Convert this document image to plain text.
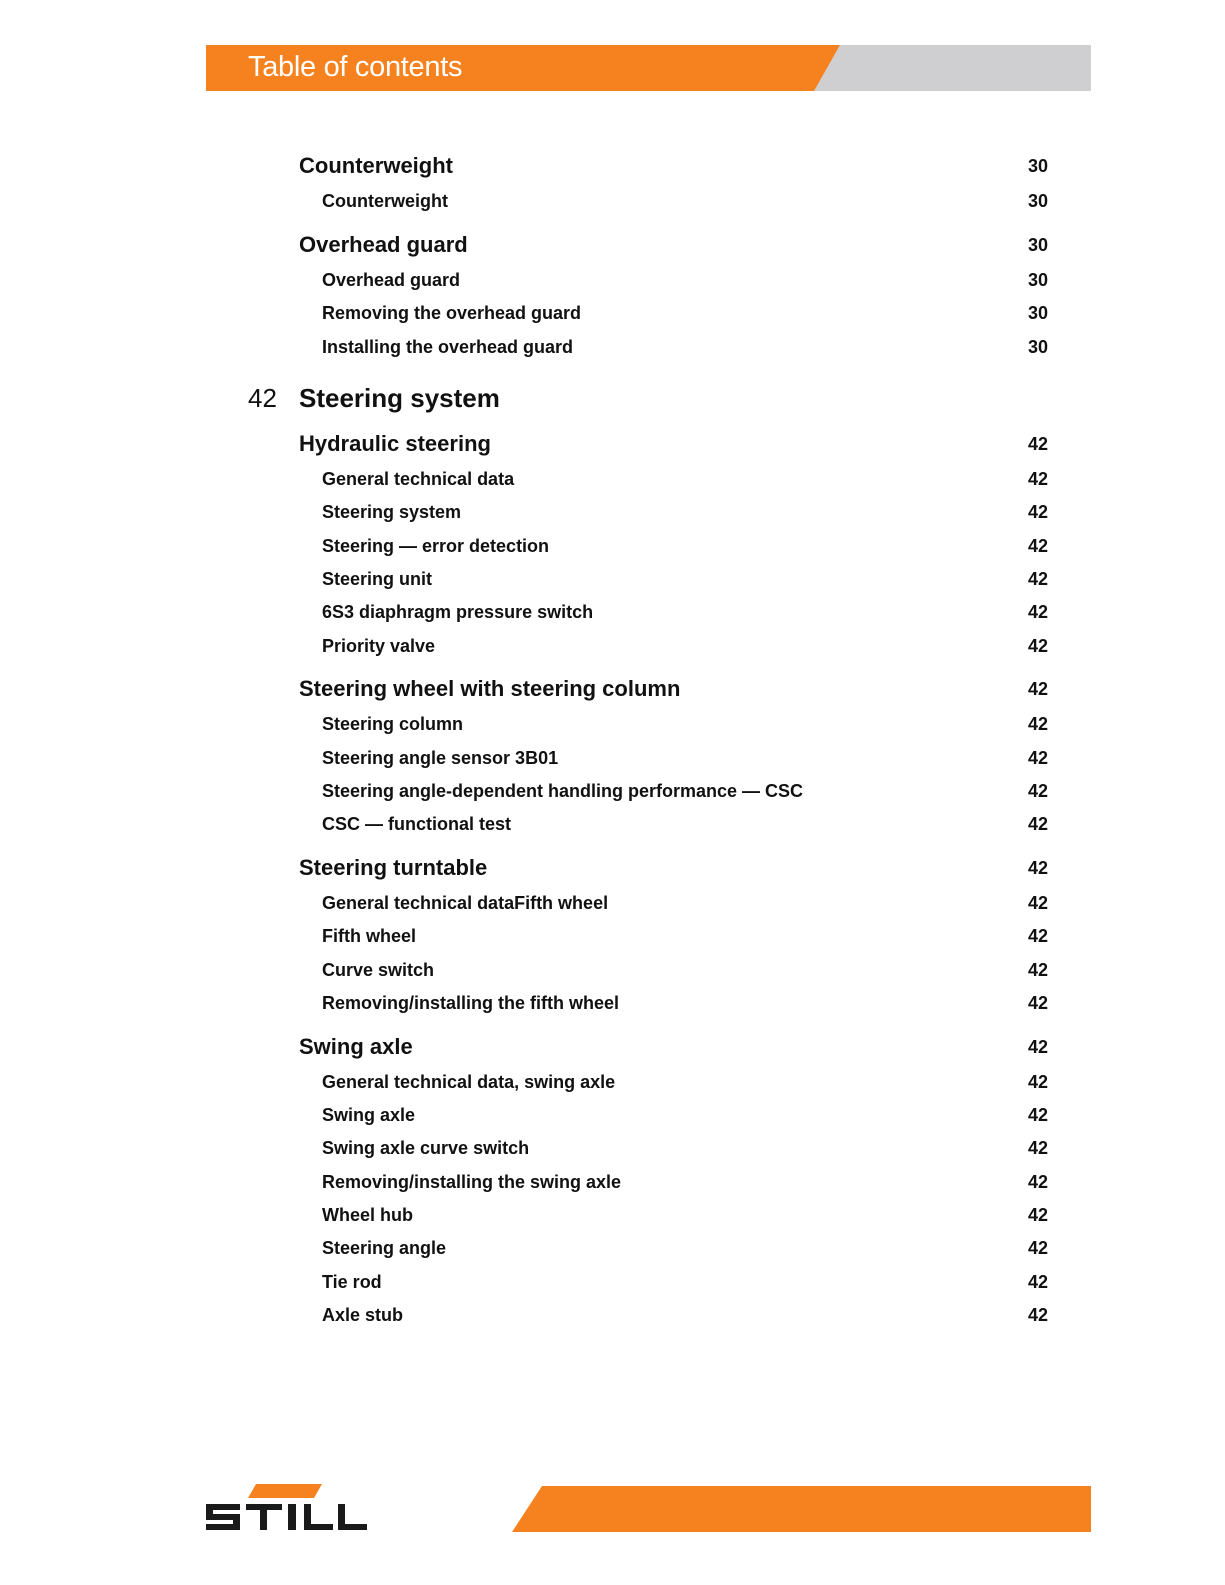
Table of contents
Counterweight	30
Counterweight	30
Overhead guard	30
Overhead guard	30
Removing the overhead guard	30
Installing the overhead guard	30
42 Steering system
Hydraulic steering	42
General technical data	42
Steering system	42
Steering — error detection	42
Steering unit	42
6S3 diaphragm pressure switch	42
Priority valve	42
Steering wheel with steering column	42
Steering column	42
Steering angle sensor 3B01	42
Steering angle-dependent handling performance — CSC	42
CSC — functional test	42
Steering turntable	42
General technical dataFifth wheel	42
Fifth wheel	42
Curve switch	42
Removing/installing the fifth wheel	42
Swing axle	42
General technical data, swing axle	42
Swing axle	42
Swing axle curve switch	42
Removing/installing the swing axle	42
Wheel hub	42
Steering angle	42
Tie rod	42
Axle stub	42
